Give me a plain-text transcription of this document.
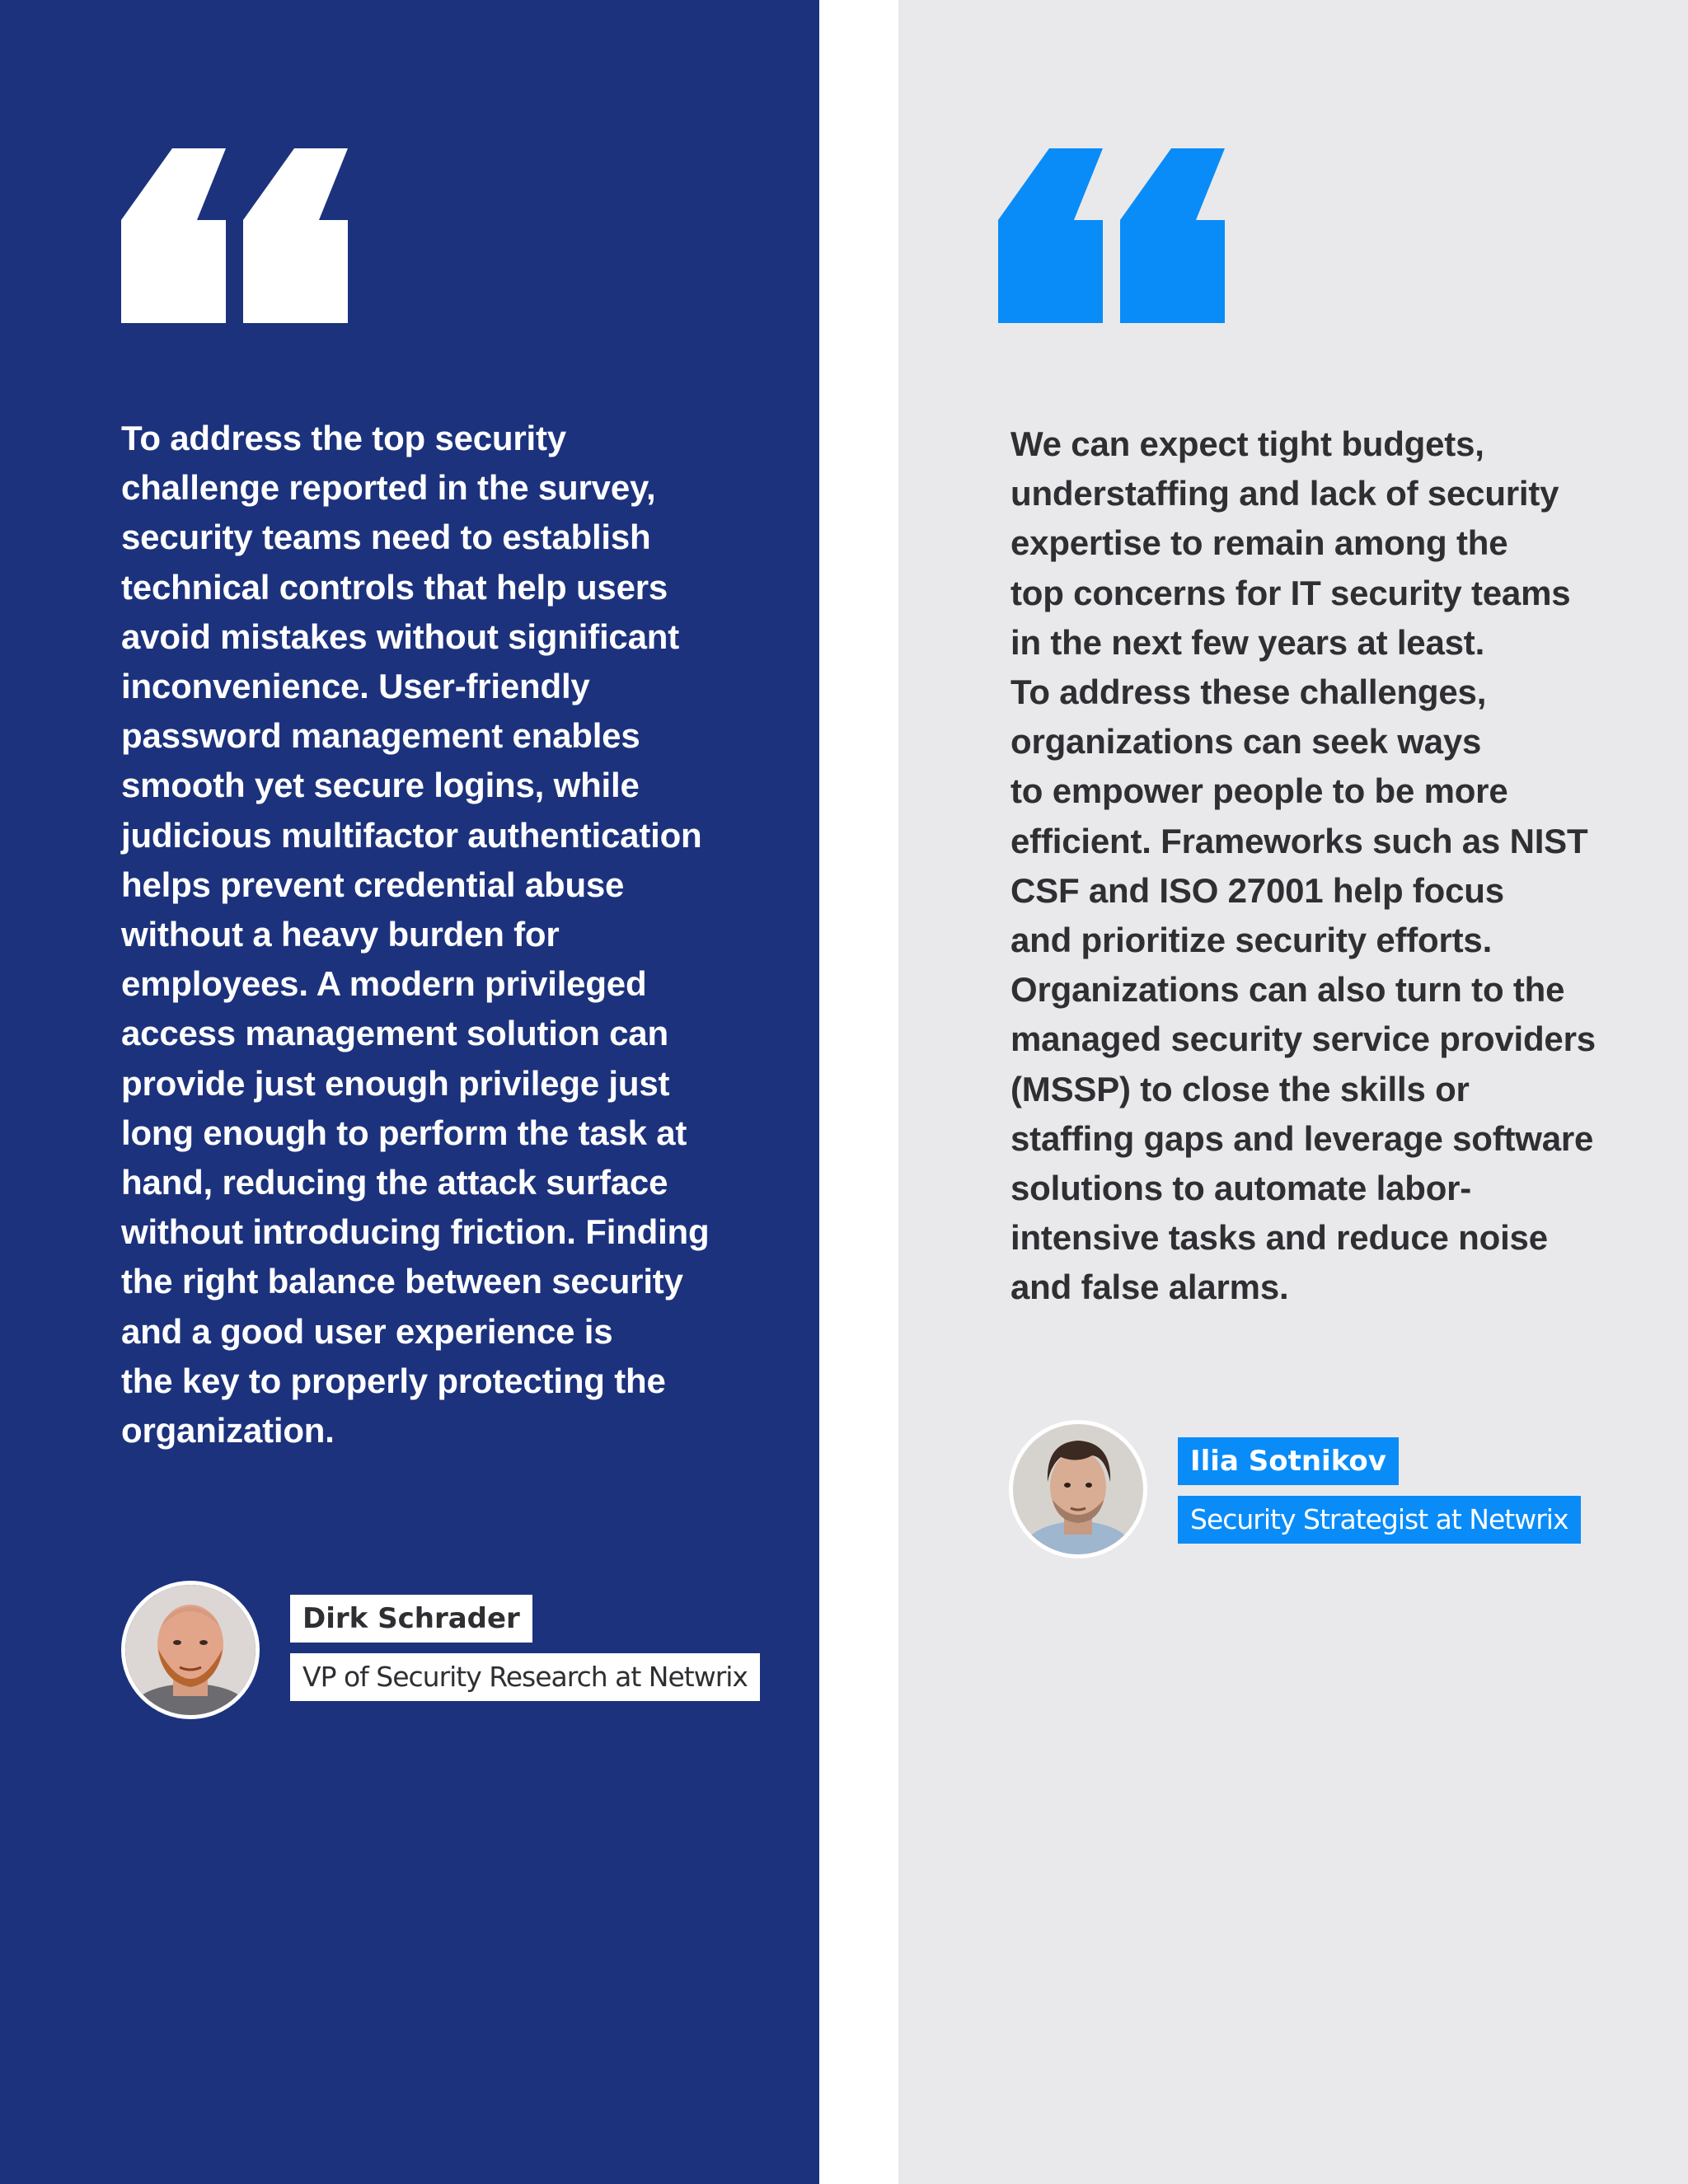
To address the top security
challenge reported in the survey,
security teams need to establish
technical controls that help users
avoid mistakes without significant
inconvenience. User-friendly
password management enables
smooth yet secure logins, while
judicious multifactor authentication
helps prevent credential abuse
without a heavy burden for
employees. A modern privileged
access management solution can
provide just enough privilege just
long enough to perform the task at
hand, reducing the attack surface
without introducing friction. Finding
the right balance between security
and a good user experience is
the key to properly protecting the
organization.

Dirk Schrader
VP of Security Research at Netwrix

We can expect tight budgets,
understaffing and lack of security
expertise to remain among the
top concerns for IT security teams
in the next few years at least.
To address these challenges,
organizations can seek ways
to empower people to be more
efficient. Frameworks such as NIST
CSF and ISO 27001 help focus
and prioritize security efforts.
Organizations can also turn to the
managed security service providers
(MSSP) to close the skills or
staffing gaps and leverage software
solutions to automate labor-
intensive tasks and reduce noise
and false alarms.

Ilia Sotnikov
Security Strategist at Netwrix
